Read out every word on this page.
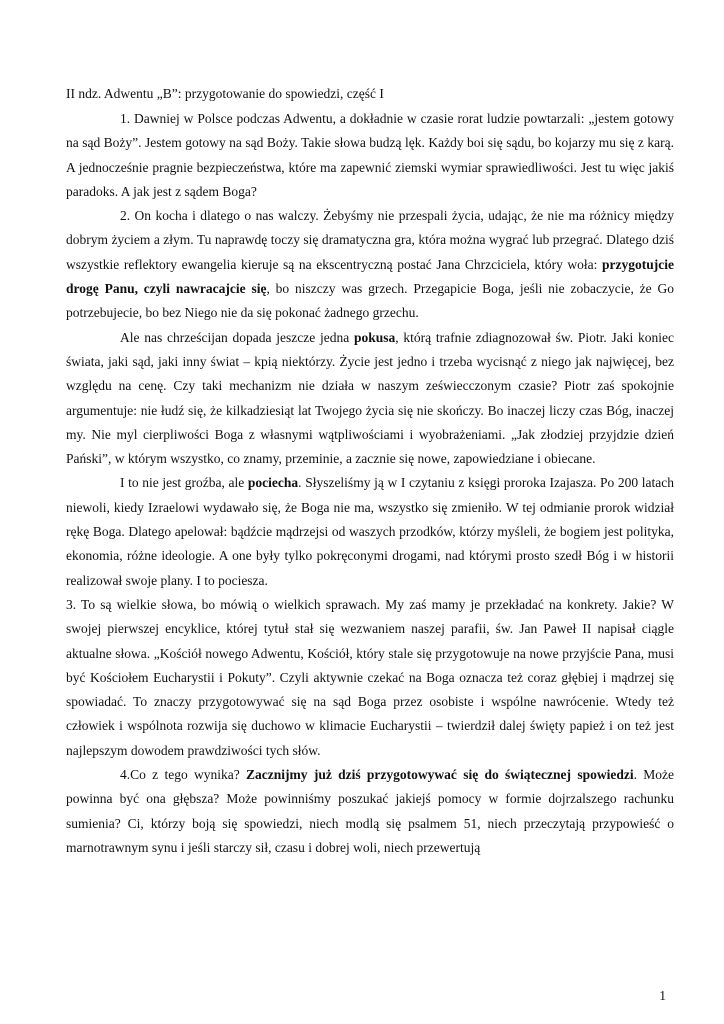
II ndz. Adwentu „B”: przygotowanie do spowiedzi, część I

1. Dawniej w Polsce podczas Adwentu, a dokładnie w czasie rorat ludzie powtarzali: „jestem gotowy na sąd Boży”. Jestem gotowy na sąd Boży. Takie słowa budzą lęk. Każdy boi się sądu, bo kojarzy mu się z karą. A jednocześnie pragnie bezpieczeństwa, które ma zapewnić ziemski wymiar sprawiedliwości. Jest tu więc jakiś paradoks. A jak jest z sądem Boga?

2. On kocha i dlatego o nas walczy. Żebyśmy nie przespali życia, udając, że nie ma różnicy między dobrym życiem a złym. Tu naprawdę toczy się dramatyczna gra, która można wygrać lub przegrać. Dlatego dziś wszystkie reflektory ewangelia kieruje są na ekscentryczną postać Jana Chrzciciela, który woła: przygotujcie drogę Panu, czyli nawracajcie się, bo niszczy was grzech. Przegapicie Boga, jeśli nie zobaczycie, że Go potrzebujecie, bo bez Niego nie da się pokonać żadnego grzechu.

Ale nas chrześcijan dopada jeszcze jedna pokusa, którą trafnie zdiagnozował św. Piotr. Jaki koniec świata, jaki sąd, jaki inny świat – kpią niektórzy. Życie jest jedno i trzeba wycisnąć z niego jak najwięcej, bez względu na cenę. Czy taki mechanizm nie działa w naszym zeświecczonym czasie? Piotr zaś spokojnie argumentuje: nie łudź się, że kilkadziesiąt lat Twojego życia się nie skończy. Bo inaczej liczy czas Bóg, inaczej my. Nie myl cierpliwości Boga z własnymi wątpliwościami i wyobrażeniami. „Jak złodziej przyjdzie dzień Pański”, w którym wszystko, co znamy, przeminie, a zacznie się nowe, zapowiedziane i obiecane.

I to nie jest groźba, ale pociecha. Słyszeliśmy ją w I czytaniu z księgi proroka Izajasza. Po 200 latach niewoli, kiedy Izraelowi wydawało się, że Boga nie ma, wszystko się zmieniło. W tej odmianie prorok widział rękę Boga. Dlatego apelował: bądźcie mądrzejsi od waszych przodków, którzy myśleli, że bogiem jest polityka, ekonomia, różne ideologie. A one były tylko pokręconymi drogami, nad którymi prosto szedł Bóg i w historii realizował swoje plany. I to pociesza.

3. To są wielkie słowa, bo mówią o wielkich sprawach. My zaś mamy je przekładać na konkrety. Jakie? W swojej pierwszej encyklice, której tytuł stał się wezwaniem naszej parafii, św. Jan Paweł II napisał ciągle aktualne słowa. „Kościół nowego Adwentu, Kościół, który stale się przygotowuje na nowe przyjście Pana, musi być Kościołem Eucharystii i Pokuty”. Czyli aktywnie czekać na Boga oznacza też coraz głębiej i mądrzej się spowiadać. To znaczy przygotowywać się na sąd Boga przez osobiste i wspólne nawrócenie. Wtedy też człowiek i wspólnota rozwija się duchowo w klimacie Eucharystii – twierdził dalej święty papież i on też jest najlepszym dowodem prawdziwości tych słów.

4.Co z tego wynika? Zacznijmy już dziś przygotowywać się do świątecznej spowiedzi. Może powinna być ona głębsza? Może powinniśmy poszukać jakiejś pomocy w formie dojrzalszego rachunku sumienia? Ci, którzy boją się spowiedzi, niech modlą się psalmem 51, niech przeczytają przypowieść o marnotrawnym synu i jeśli starczy sił, czasu i dobrej woli, niech przewertują

1
